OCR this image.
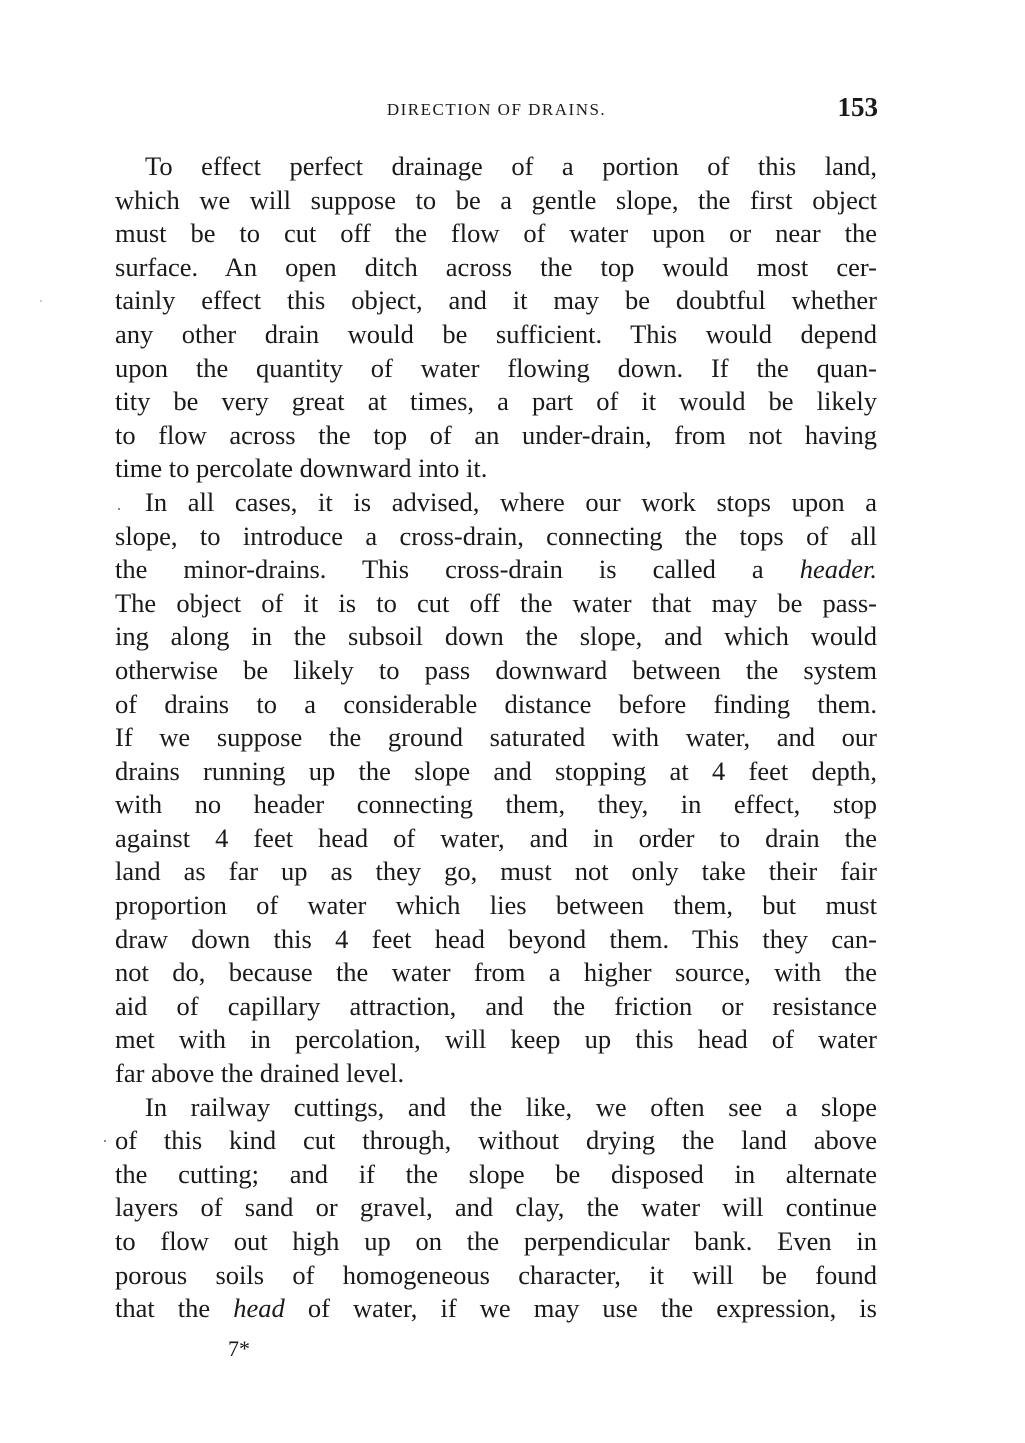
DIRECTION OF DRAINS.	153
To effect perfect drainage of a portion of this land,
which we will suppose to be a gentle slope, the first object
must be to cut off the flow of water upon or near the
surface. An open ditch across the top would most cer-
tainly effect this object, and it may be doubtful whether
any other drain would be sufficient. This would depend
upon the quantity of water flowing down. If the quan-
tity be very great at times, a part of it would be likely
to flow across the top of an under-drain, from not having
time to percolate downward into it.
In all cases, it is advised, where our work stops upon a
slope, to introduce a cross-drain, connecting the tops of all
the minor-drains. This cross-drain is called a header.
The object of it is to cut off the water that may be pass-
ing along in the subsoil down the slope, and which would
otherwise be likely to pass downward between the system
of drains to a considerable distance before finding them.
If we suppose the ground saturated with water, and our
drains running up the slope and stopping at 4 feet depth,
with no header connecting them, they, in effect, stop
against 4 feet head of water, and in order to drain the
land as far up as they go, must not only take their fair
proportion of water which lies between them, but must
draw down this 4 feet head beyond them. This they can-
not do, because the water from a higher source, with the
aid of capillary attraction, and the friction or resistance
met with in percolation, will keep up this head of water
far above the drained level.
In railway cuttings, and the like, we often see a slope
of this kind cut through, without drying the land above
the cutting; and if the slope be disposed in alternate
layers of sand or gravel, and clay, the water will continue
to flow out high up on the perpendicular bank. Even in
porous soils of homogeneous character, it will be found
that the head of water, if we may use the expression, is
7*
